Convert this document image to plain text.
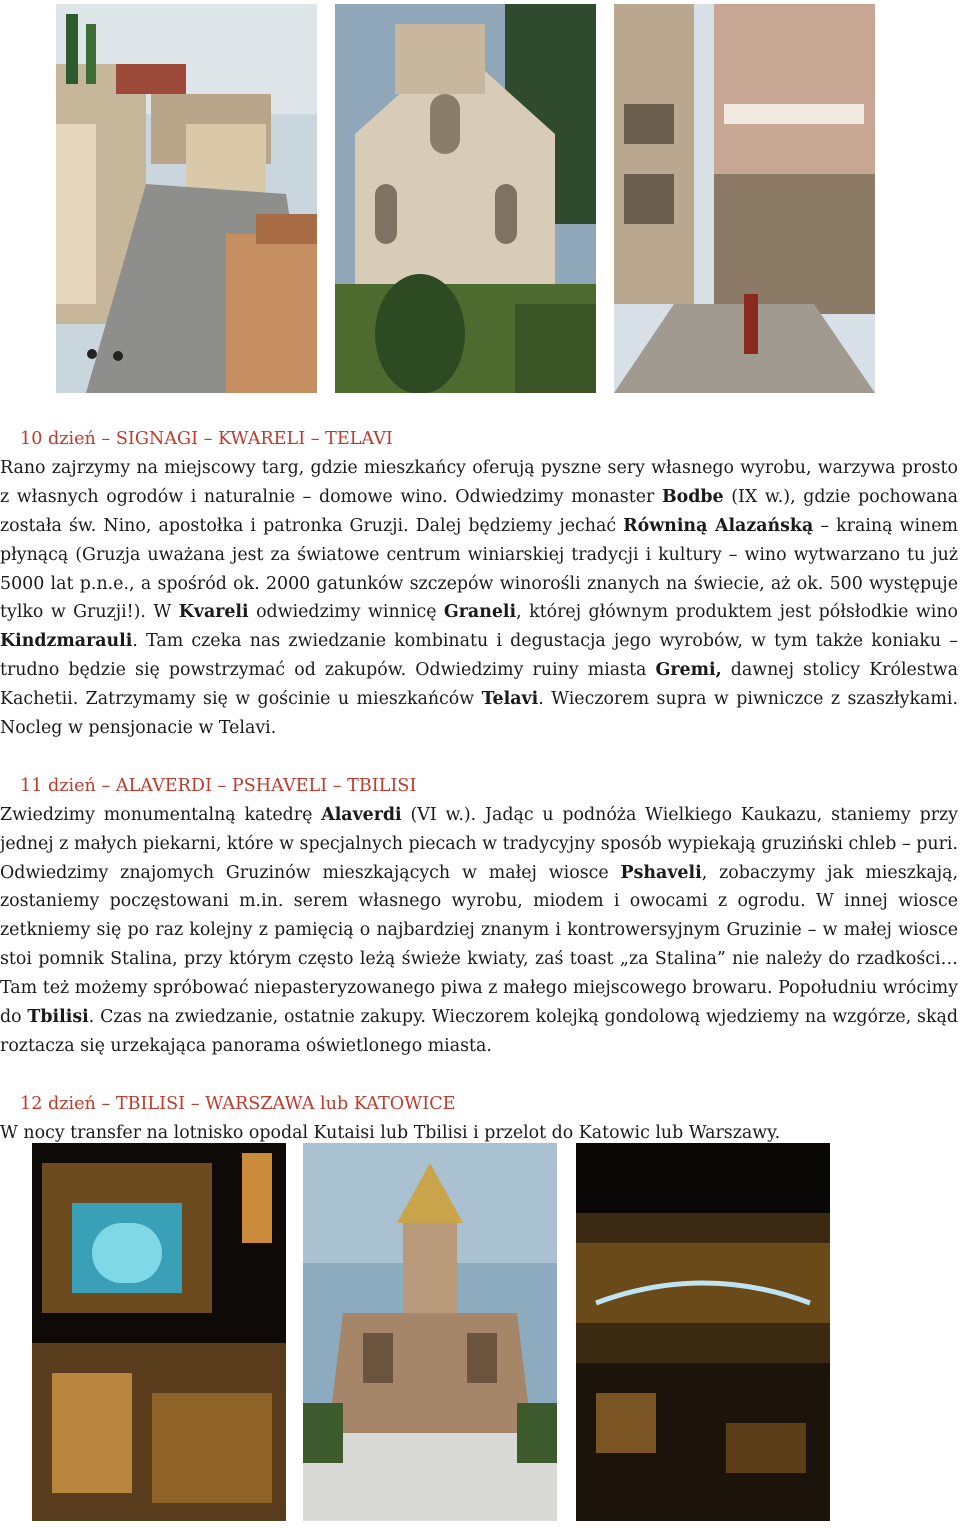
10 dzień – SIGNAGI – KWARELI – TELAVI

Rano zajrzymy na miejscowy targ, gdzie mieszkańcy oferują pyszne sery własnego wyrobu, warzywa prosto z własnych ogrodów i naturalnie – domowe wino. Odwiedzimy monaster Bodbe (IX w.), gdzie pochowana została św. Nino, apostołka i patronka Gruzji. Dalej będziemy jechać Równiną Alazańską – krainą winem płynącą (Gruzja uważana jest za światowe centrum winiarskiej tradycji i kultury – wino wytwarzano tu już 5000 lat p.n.e., a spośród ok. 2000 gatunków szczepów winorośli znanych na świecie, aż ok. 500 występuje tylko w Gruzji!). W Kvareli odwiedzimy winnicę Graneli, której głównym produktem jest półsłodkie wino Kindzmarauli. Tam czeka nas zwiedzanie kombinatu i degustacja jego wyrobów, w tym także koniaku – trudno będzie się powstrzymać od zakupów. Odwiedzimy ruiny miasta Gremi, dawnej stolicy Królestwa Kachetii. Zatrzymamy się w gościnie u mieszkańców Telavi. Wieczorem supra w piwniczce z szaszłykami. Nocleg w pensjonacie w Telavi.

11 dzień – ALAVERDI – PSHAVELI – TBILISI

Zwiedzimy monumentalną katedrę Alaverdi (VI w.). Jadąc u podnóża Wielkiego Kaukazu, staniemy przy jednej z małych piekarni, które w specjalnych piecach w tradycyjny sposób wypiekają gruziński chleb – puri. Odwiedzimy znajomych Gruzinów mieszkających w małej wiosce Pshaveli, zobaczymy jak mieszkają, zostaniemy poczęstowani m.in. serem własnego wyrobu, miodem i owocami z ogrodu. W innej wiosce zetkniemy się po raz kolejny z pamięcią o najbardziej znanym i kontrowersyjnym Gruzinie – w małej wiosce stoi pomnik Stalina, przy którym często leżą świeże kwiaty, zaś toast „za Stalina” nie należy do rzadkości… Tam też możemy spróbować niepasteryzowanego piwa z małego miejscowego browaru. Popołudniu wrócimy do Tbilisi. Czas na zwiedzanie, ostatnie zakupy. Wieczorem kolejką gondolową wjedziemy na wzgórze, skąd roztacza się urzekająca panorama oświetlonego miasta.

12 dzień – TBILISI – WARSZAWA lub KATOWICE

W nocy transfer na lotnisko opodal Kutaisi lub Tbilisi i przelot do Katowic lub Warszawy.
